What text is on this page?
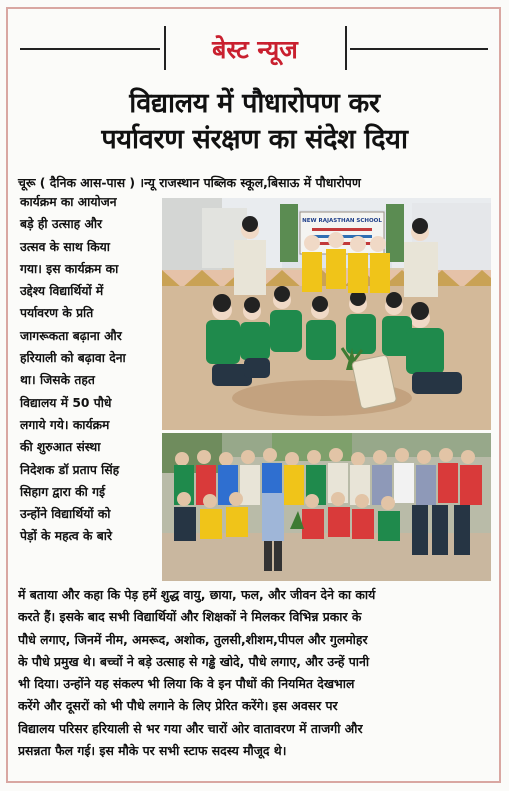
बेस्ट न्यूज
विद्यालय में पौधारोपण कर
पर्यावरण संरक्षण का संदेश दिया
चूरू ( दैनिक आस-पास ) ।न्यू राजस्थान पब्लिक स्कूल,बिसाऊ में पौधारोपण
कार्यक्रम का आयोजन
बड़े ही उत्साह और
उत्सव के साथ किया
गया। इस कार्यक्रम का
उद्देश्य विद्यार्थियों में
पर्यावरण के प्रति
जागरूकता बढ़ाना और
हरियाली को बढ़ावा देना
था। जिसके तहत
विद्यालय में 50 पौधे
लगाये गये। कार्यक्रम
की शुरुआत संस्था
निदेशक डॉ प्रताप सिंह
सिहाग द्वारा की गई
उन्होंने विद्यार्थियों को
पेड़ों के महत्व के बारे
NEW RAJASTHAN SCHOOL
में बताया और कहा कि पेड़ हमें शुद्ध वायु, छाया, फल, और जीवन देने का कार्य
करते हैं। इसके बाद सभी विद्यार्थियों और शिक्षकों ने मिलकर विभिन्न प्रकार के
पौधे लगाए, जिनमें नीम, अमरूद, अशोक, तुलसी,शीशम,पीपल और गुलमोहर
के पौधे प्रमुख थे। बच्चों ने बड़े उत्साह से गड्ढे खोदे, पौधे लगाए, और उन्हें पानी
भी दिया। उन्होंने यह संकल्प भी लिया कि वे इन पौधों की नियमित देखभाल
करेंगे और दूसरों को भी पौधे लगाने के लिए प्रेरित करेंगे। इस अवसर पर
विद्यालय परिसर हरियाली से भर गया और चारों ओर वातावरण में ताजगी और
प्रसन्नता फैल गई। इस मौके पर सभी स्टाफ सदस्य मौजूद थे।
